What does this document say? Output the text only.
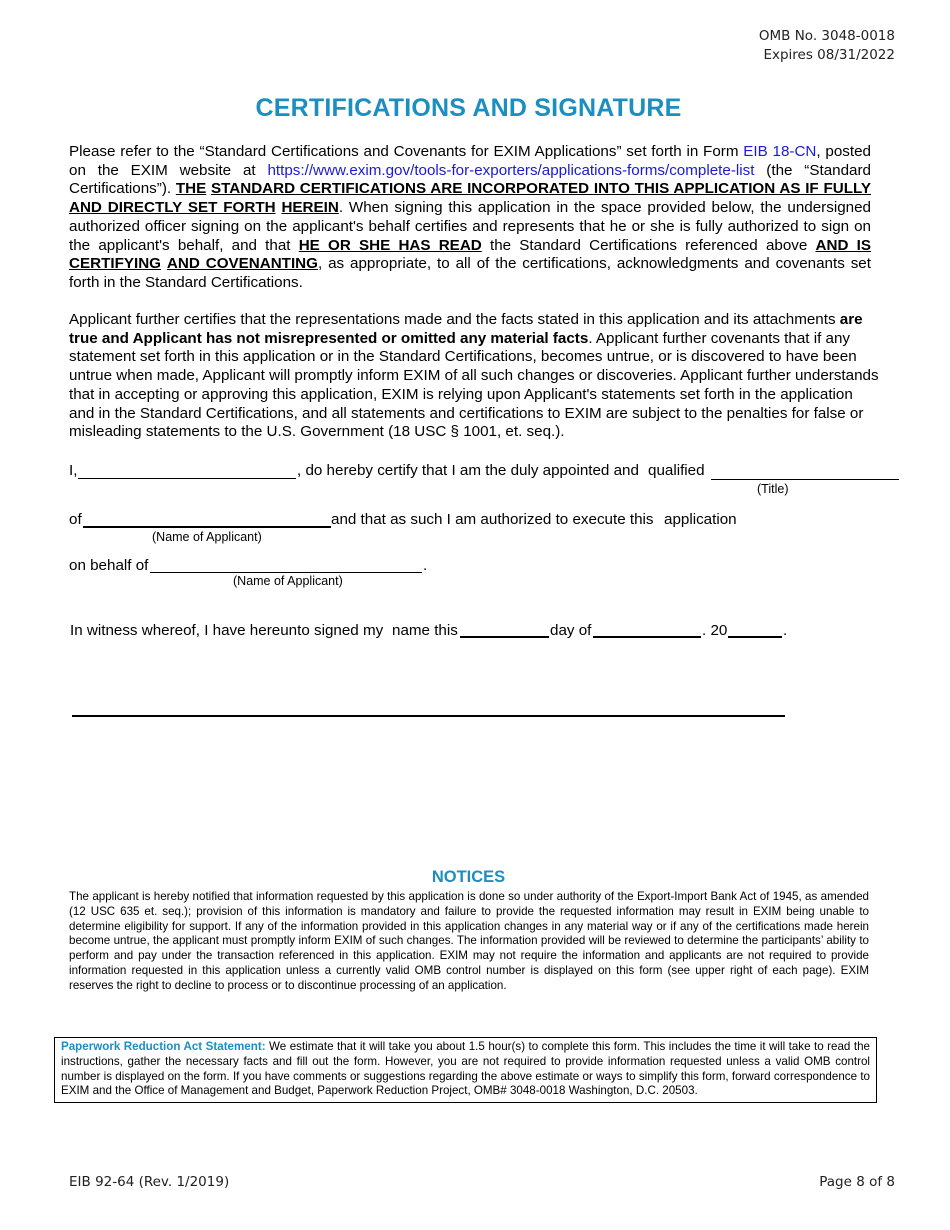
OMB No. 3048-0018
Expires 08/31/2022
CERTIFICATIONS AND SIGNATURE

Please refer to the “Standard Certifications and Covenants for EXIM Applications” set forth in Form EIB 18-CN, posted on the EXIM website at https://www.exim.gov/tools-for-exporters/applications-forms/complete-list (the “Standard Certifications”). THE STANDARD CERTIFICATIONS ARE INCORPORATED INTO THIS APPLICATION AS IF FULLY AND DIRECTLY SET FORTH HEREIN. When signing this application in the space provided below, the undersigned authorized officer signing on the applicant's behalf certifies and represents that he or she is fully authorized to sign on the applicant's behalf, and that HE OR SHE HAS READ the Standard Certifications referenced above AND IS CERTIFYING AND COVENANTING, as appropriate, to all of the certifications, acknowledgments and covenants set forth in the Standard Certifications.

Applicant further certifies that the representations made and the facts stated in this application and its attachments are true and Applicant has not misrepresented or omitted any material facts. Applicant further covenants that if any statement set forth in this application or in the Standard Certifications, becomes untrue, or is discovered to have been untrue when made, Applicant will promptly inform EXIM of all such changes or discoveries. Applicant further understands that in accepting or approving this application, EXIM is relying upon Applicant's statements set forth in the application and in the Standard Certifications, and all statements and certifications to EXIM are subject to the penalties for false or misleading statements to the U.S. Government (18 USC § 1001, et. seq.).

I,	, do hereby certify that I am the duly appointed and qualified
(Title)
of	and that as such I am authorized to execute this application
(Name of Applicant)
on behalf of	.
(Name of Applicant)
In witness whereof, I have hereunto signed my name this	day of	. 20	.
NOTICES

The applicant is hereby notified that information requested by this application is done so under authority of the Export-Import Bank Act of 1945, as amended (12 USC 635 et. seq.); provision of this information is mandatory and failure to provide the requested information may result in EXIM being unable to determine eligibility for support. If any of the information provided in this application changes in any material way or if any of the certifications made herein become untrue, the applicant must promptly inform EXIM of such changes. The information provided will be reviewed to determine the participants’ ability to perform and pay under the transaction referenced in this application. EXIM may not require the information and applicants are not required to provide information requested in this application unless a currently valid OMB control number is displayed on this form (see upper right of each page). EXIM reserves the right to decline to process or to discontinue processing of an application.

Paperwork Reduction Act Statement: We estimate that it will take you about 1.5 hour(s) to complete this form. This includes the time it will take to read the instructions, gather the necessary facts and fill out the form. However, you are not required to provide information requested unless a valid OMB control number is displayed on the form. If you have comments or suggestions regarding the above estimate or ways to simplify this form, forward correspondence to EXIM and the Office of Management and Budget, Paperwork Reduction Project, OMB# 3048-0018 Washington, D.C. 20503.
EIB 92-64 (Rev. 1/2019)	Page 8 of 8
